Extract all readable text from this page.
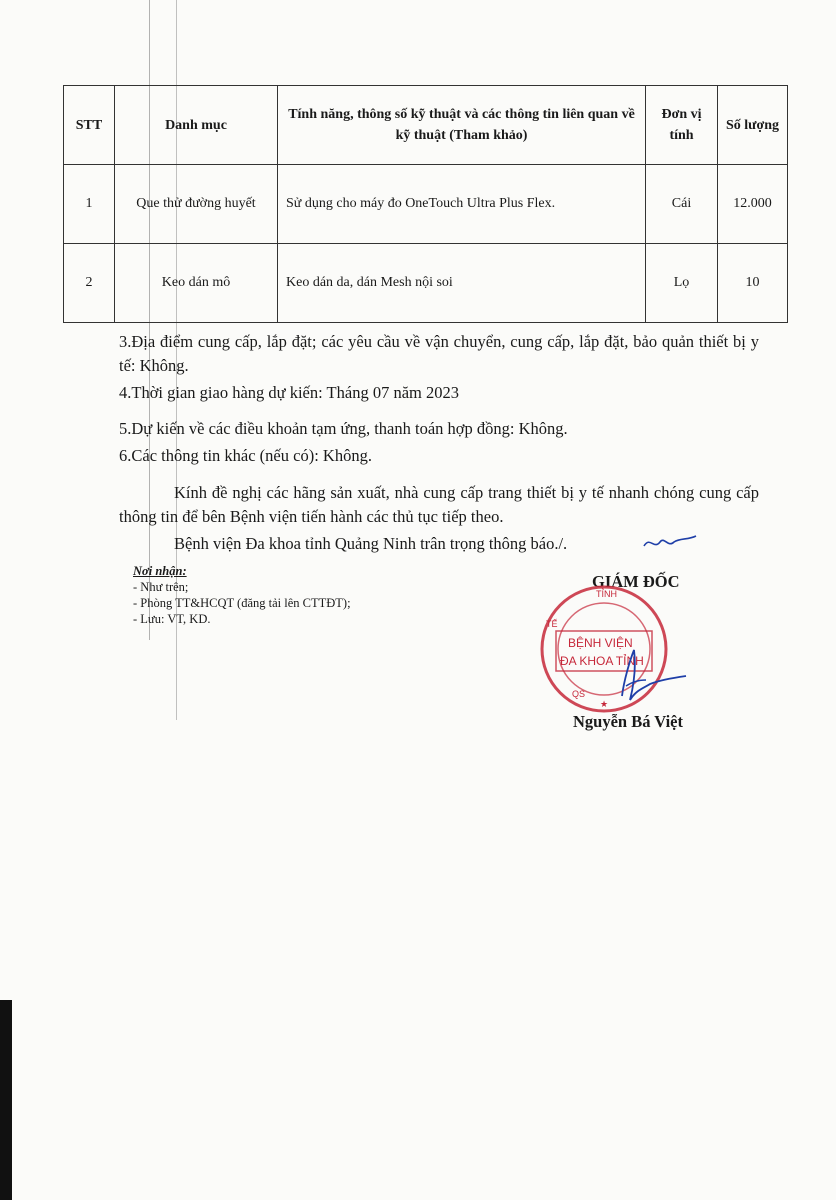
STT	Danh mục	Tính năng, thông số kỹ thuật và các thông tin liên quan về kỹ thuật (Tham khảo)	Đơn vị tính	Số lượng
1	Que thử đường huyết	Sử dụng cho máy đo OneTouch Ultra Plus Flex.	Cái	12.000
2	Keo dán mô	Keo dán da, dán Mesh nội soi	Lọ	10
3.Địa điểm cung cấp, lắp đặt; các yêu cầu về vận chuyển, cung cấp, lắp đặt, bảo quản thiết bị y tế: Không.
4.Thời gian giao hàng dự kiến: Tháng 07 năm 2023
5.Dự kiến về các điều khoản tạm ứng, thanh toán hợp đồng: Không.
6.Các thông tin khác (nếu có): Không.
Kính đề nghị các hãng sản xuất, nhà cung cấp trang thiết bị y tế nhanh chóng cung cấp thông tin để bên Bệnh viện tiến hành các thủ tục tiếp theo.
Bệnh viện Đa khoa tỉnh Quảng Ninh trân trọng thông báo./.
Nơi nhận:
- Như trên;
- Phòng TT&HCQT (đăng tải lên CTTĐT);
- Lưu: VT, KD.
GIÁM ĐỐC
TỈNH
TẾ
BỆNH VIỆN
ĐA KHOA TỈNH
QS
★
Nguyễn Bá Việt
